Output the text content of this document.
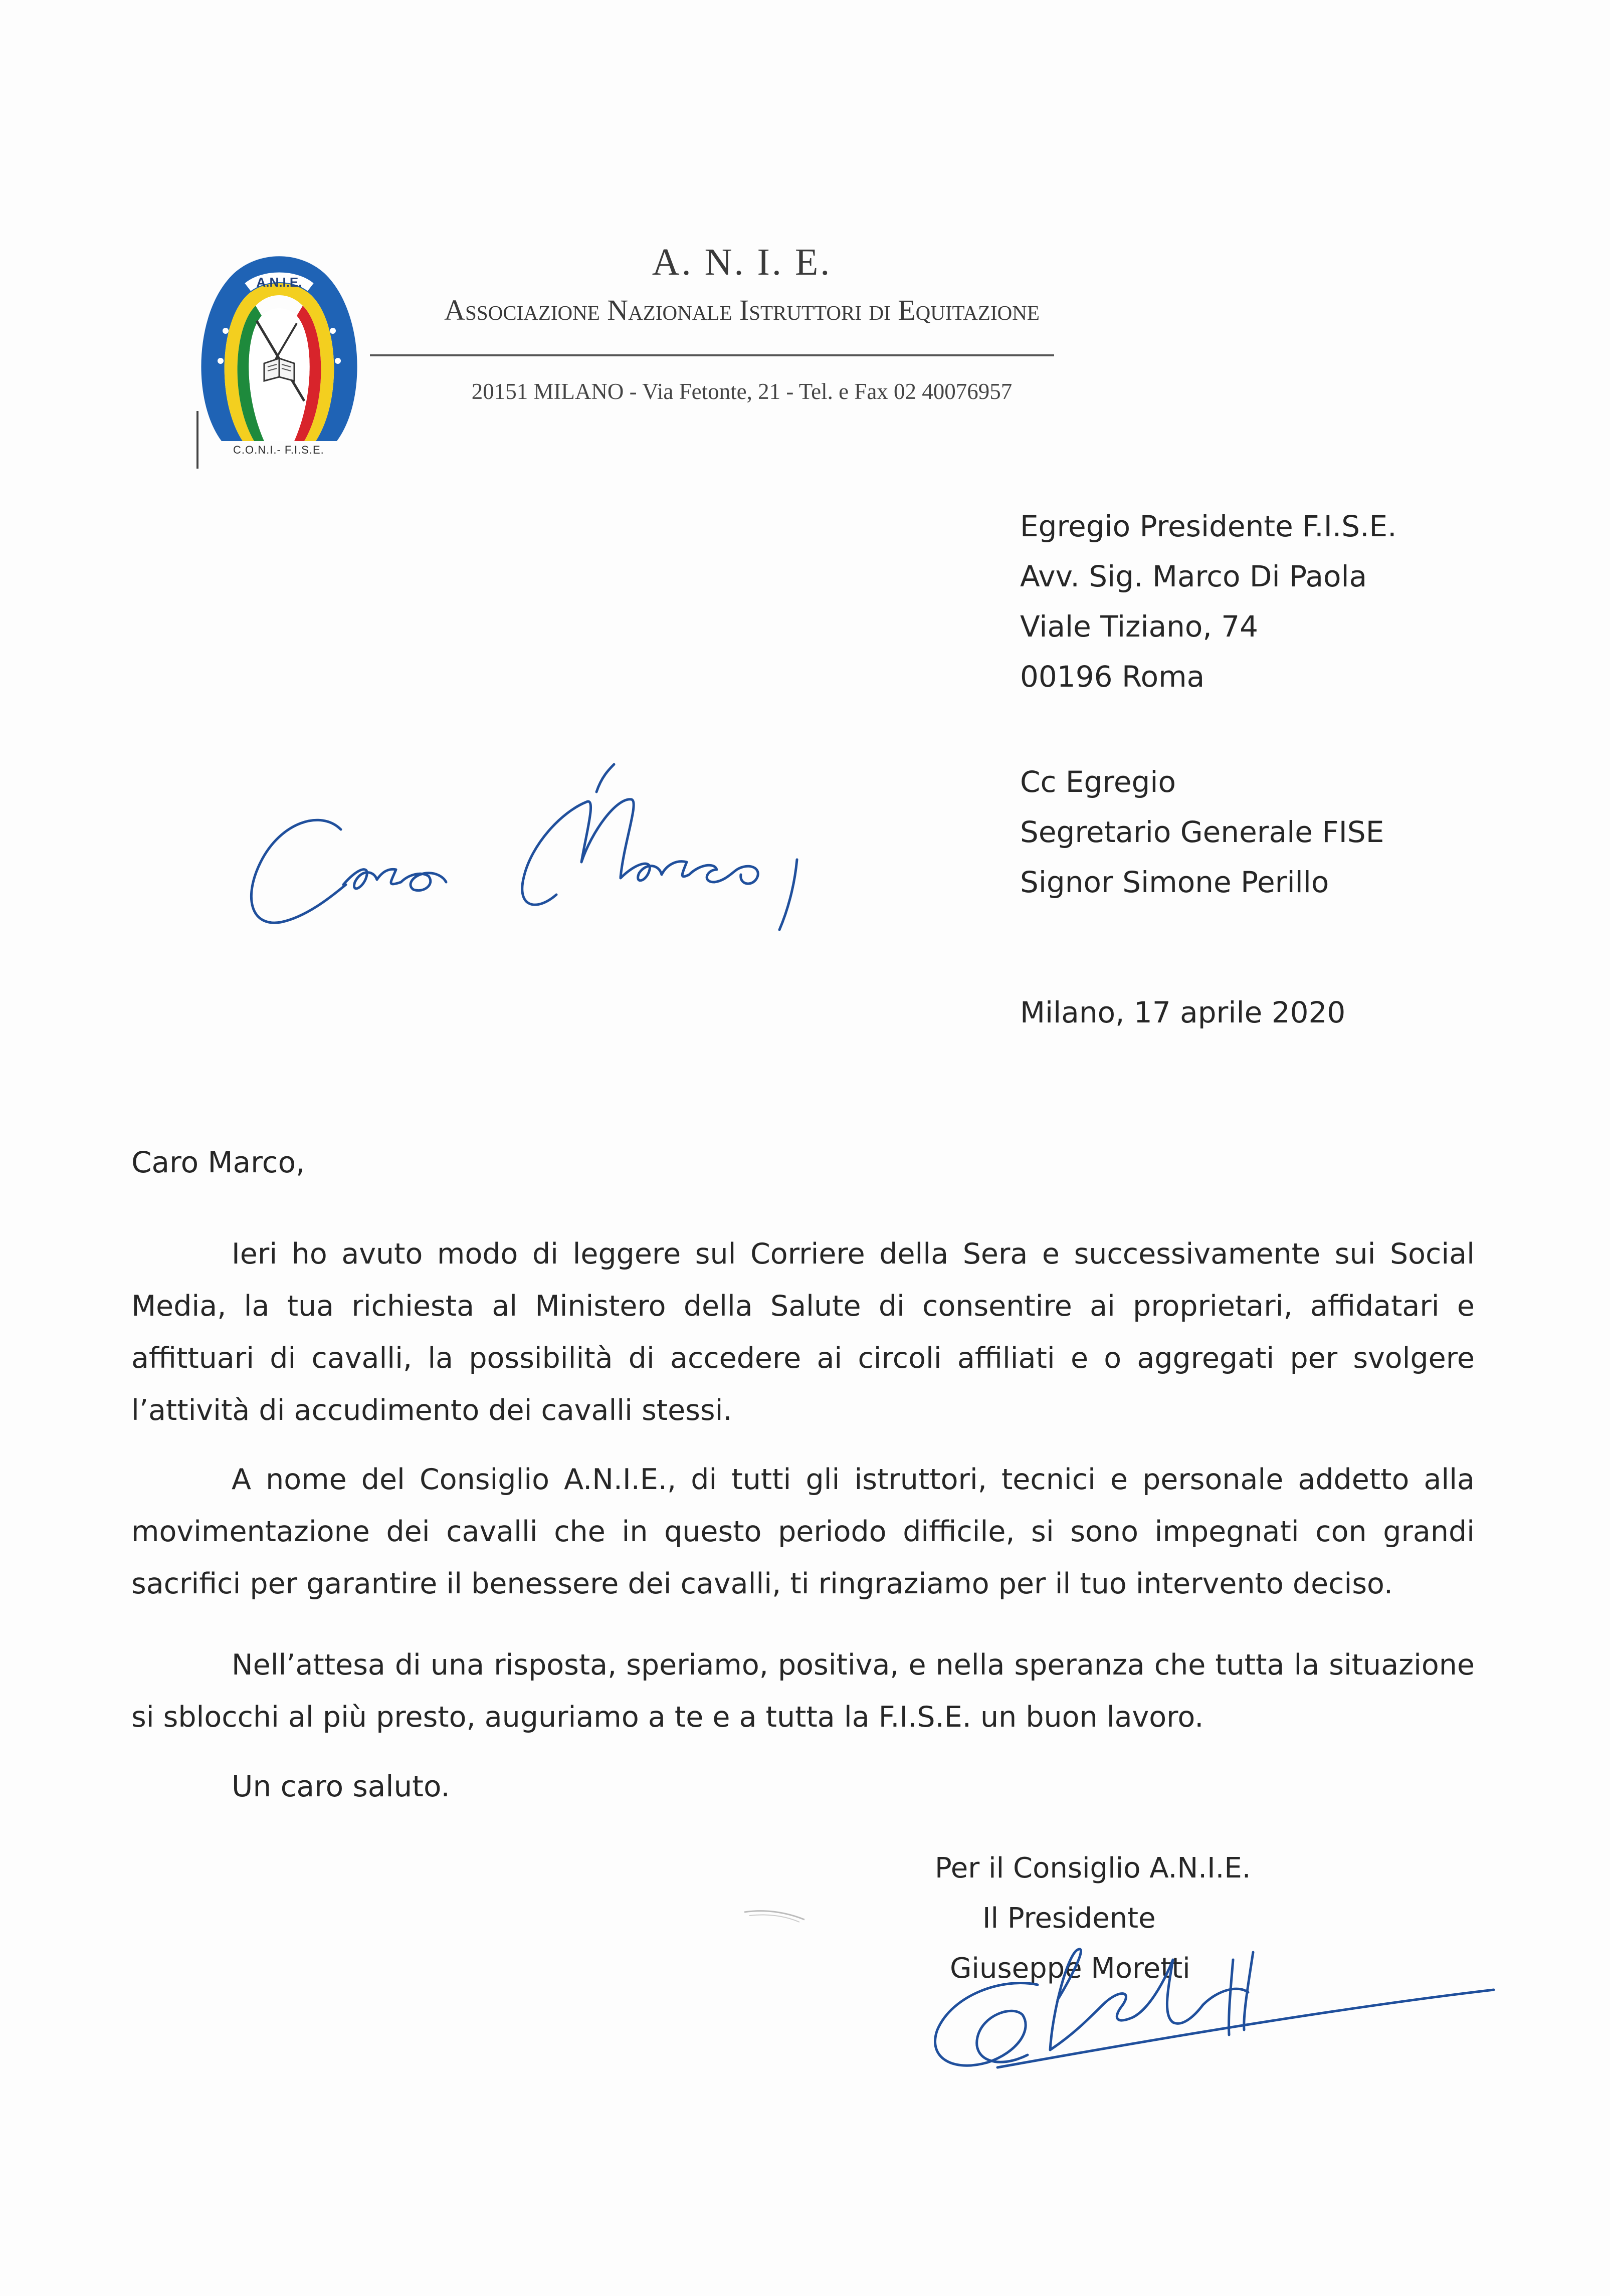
A.N.I.E.
C.O.N.I.- F.I.S.E.
A. N. I. E.
Associazione Nazionale Istruttori di Equitazione
20151 MILANO - Via Fetonte, 21 - Tel. e Fax 02 40076957
Egregio Presidente F.I.S.E.
Avv. Sig. Marco Di Paola
Viale Tiziano, 74
00196 Roma
Cc Egregio
Segretario Generale FISE
Signor Simone Perillo
Milano, 17 aprile 2020
Caro Marco,
Ieri ho avuto modo di leggere sul Corriere della Sera e successivamente sui Social Media, la tua richiesta al Ministero della Salute di consentire ai proprietari, affidatari e affittuari di cavalli, la possibilità di accedere ai circoli affiliati e o aggregati per svolgere l’attività di accudimento dei cavalli stessi.
A nome del Consiglio A.N.I.E., di tutti gli istruttori, tecnici e personale addetto alla movimentazione dei cavalli che in questo periodo difficile, si sono impegnati con grandi sacrifici per garantire il benessere dei cavalli, ti ringraziamo per il tuo intervento deciso.
Nell’attesa di una risposta, speriamo, positiva, e nella speranza che tutta la situazione si sblocchi al più presto, auguriamo a te e a tutta la F.I.S.E. un buon lavoro.
Un caro saluto.
Per il Consiglio A.N.I.E.
Il Presidente
Giuseppe Moretti
